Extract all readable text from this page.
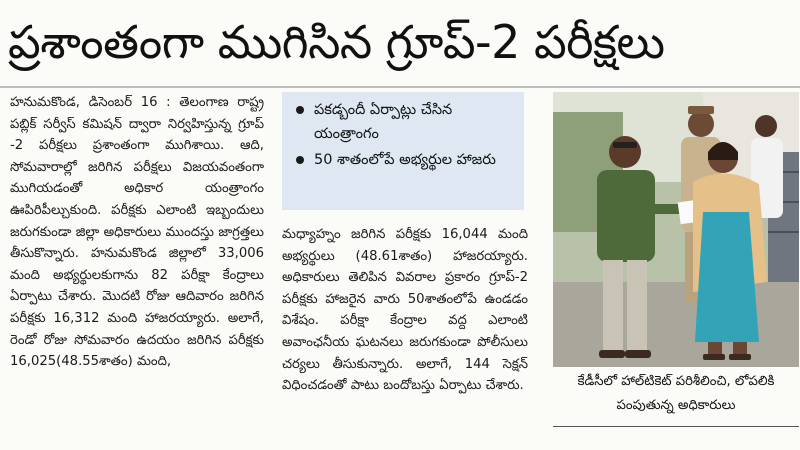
ప్రశాంతంగా ముగిసిన గ్రూప్‌-2 పరీక్షలు

హనుమకొండ, డిసెంబర్‌ 16 : తెలంగాణ రాష్ట్ర పబ్లిక్‌ సర్వీస్‌ కమిషన్‌ ద్వారా నిర్వహిస్తున్న గ్రూప్‌ -2 పరీక్షలు ప్రశాంతంగా ముగిశాయి. ఆది, సోమవారాల్లో జరిగిన పరీక్షలు విజయవంతంగా ముగియడంతో అధికార యంత్రాంగం ఊపిరిపీల్చుకుంది. పరీక్షకు ఎలాంటి ఇబ్బందులు జరుగకుండా జిల్లా అధికారులు ముందస్తు జాగ్రత్తలు తీసుకొన్నారు. హనుమకొండ జిల్లాలో 33,006 మంది అభ్యర్థులకుగాను 82 పరీక్షా కేంద్రాలు ఏర్పాటు చేశారు. మొదటి రోజు ఆదివారం జరిగిన పరీక్షకు 16,312 మంది హాజరయ్యారు. అలాగే, రెండో రోజు సోమవారం ఉదయం జరిగిన పరీక్షకు 16,025(48.55శాతం) మంది,

పకడ్బందీ ఏర్పాట్లు చేసిన యంత్రాంగం
50 శాతంలోపే అభ్యర్థుల హాజరు

మధ్యాహ్నం జరిగిన పరీక్షకు 16,044 మంది అభ్యర్థులు (48.61శాతం) హాజరయ్యారు. అధికారులు తెలిపిన వివరాల ప్రకారం గ్రూప్‌-2 పరీక్షకు హాజరైన వారు 50శాతంలోపే ఉండడం విశేషం. పరీక్షా కేంద్రాల వద్ద ఎలాంటి అవాంఛనీయ ఘటనలు జరుగకుండా పోలీసులు చర్యలు తీసుకున్నారు. అలాగే, 144 సెక్షన్‌ విధించడంతో పాటు బందోబస్తు ఏర్పాటు చేశారు.	కేడీసీలో హాల్‌టికెట్‌ పరిశీలించి, లోపలికి పంపుతున్న అధికారులు
